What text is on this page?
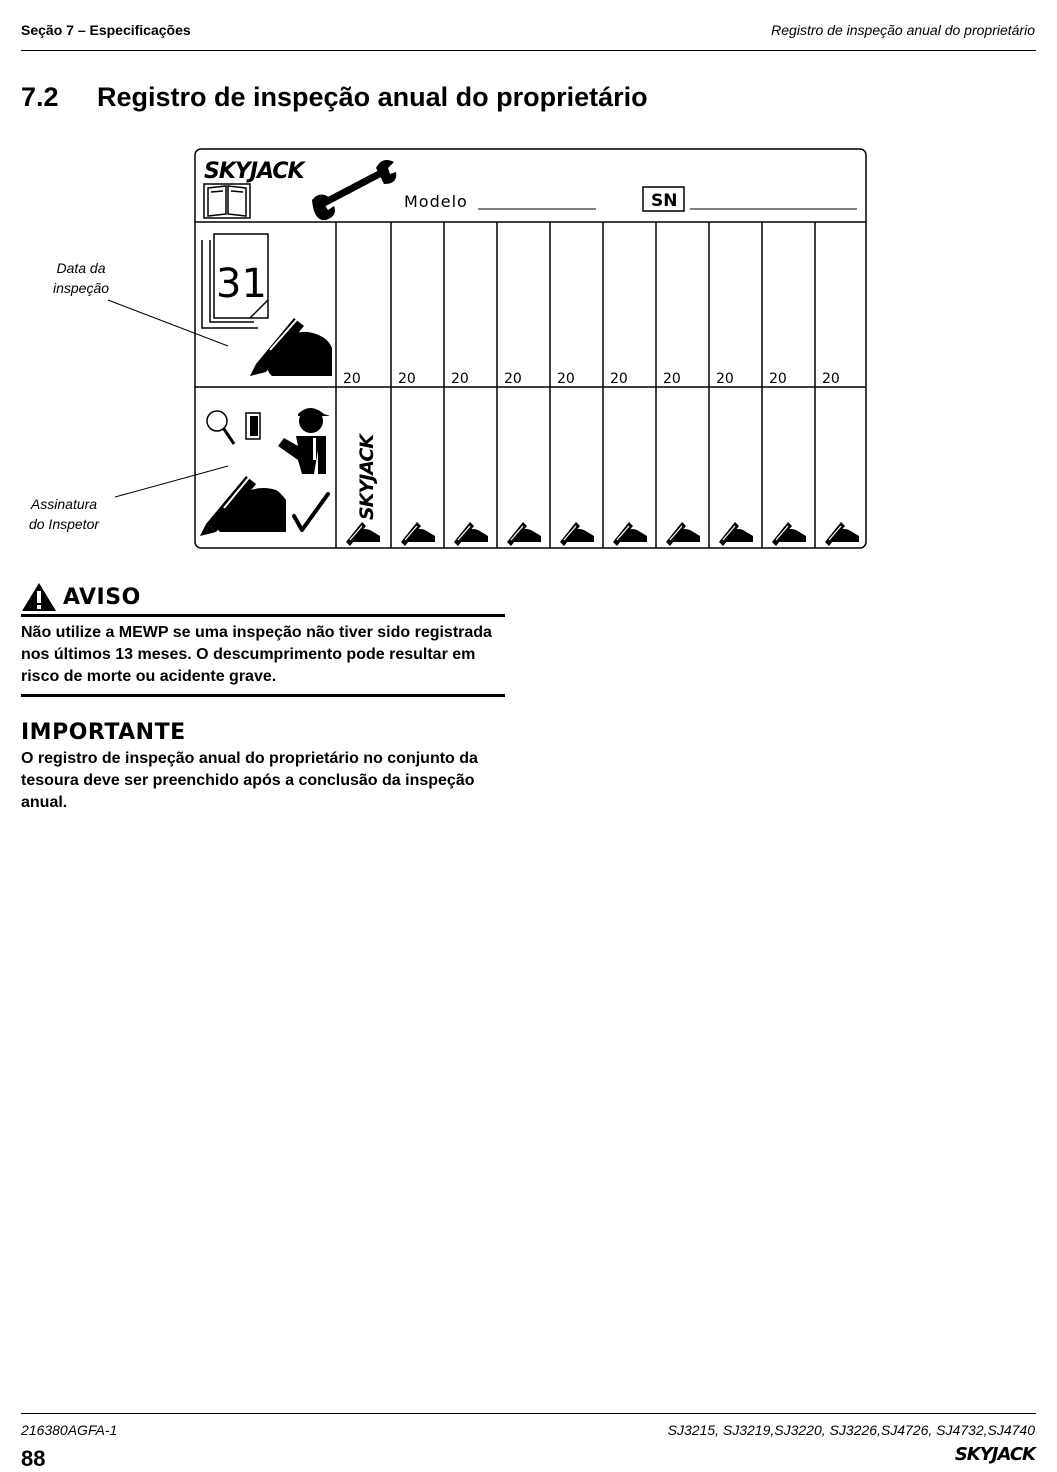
Seção 7 – Especificações	Registro de inspeção anual do proprietário
7.2 Registro de inspeção anual do proprietário
Data da
inspeção
Assinatura
do Inspetor
SKYJACK
Modelo	SN
31
20	20	20	20	20	20	20	20	20	20
SKYJACK
AVISO
Não utilize a MEWP se uma inspeção não tiver sido registrada nos últimos 13 meses. O descumprimento pode resultar em risco de morte ou acidente grave.
IMPORTANTE
O registro de inspeção anual do proprietário no conjunto da tesoura deve ser preenchido após a conclusão da inspeção anual.
216380AGFA-1	SJ3215, SJ3219,SJ3220, SJ3226,SJ4726, SJ4732,SJ4740
88	SKYJACK
